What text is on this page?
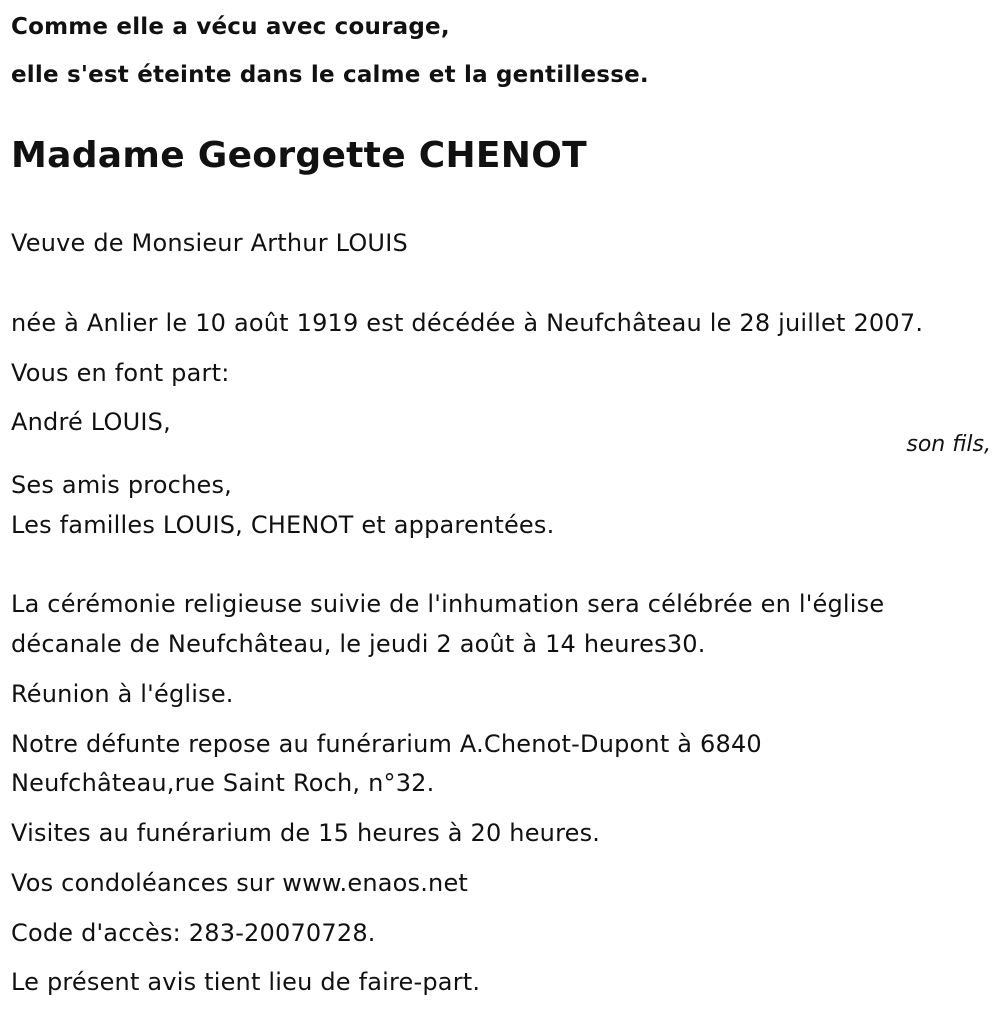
Comme elle a vécu avec courage,
elle s'est éteinte dans le calme et la gentillesse.
Madame Georgette CHENOT
Veuve de Monsieur Arthur LOUIS
née à Anlier le 10 août 1919 est décédée à Neufchâteau le 28 juillet 2007.
Vous en font part:
André LOUIS,
son fils,
Ses amis proches,
Les familles LOUIS, CHENOT et apparentées.
La cérémonie religieuse suivie de l'inhumation sera célébrée en l'église
décanale de Neufchâteau, le jeudi 2 août à 14 heures30.
Réunion à l'église.
Notre défunte repose au funérarium A.Chenot-Dupont à 6840
Neufchâteau,rue Saint Roch, n°32.
Visites au funérarium de 15 heures à 20 heures.
Vos condoléances sur www.enaos.net
Code d'accès: 283-20070728.
Le présent avis tient lieu de faire-part.
